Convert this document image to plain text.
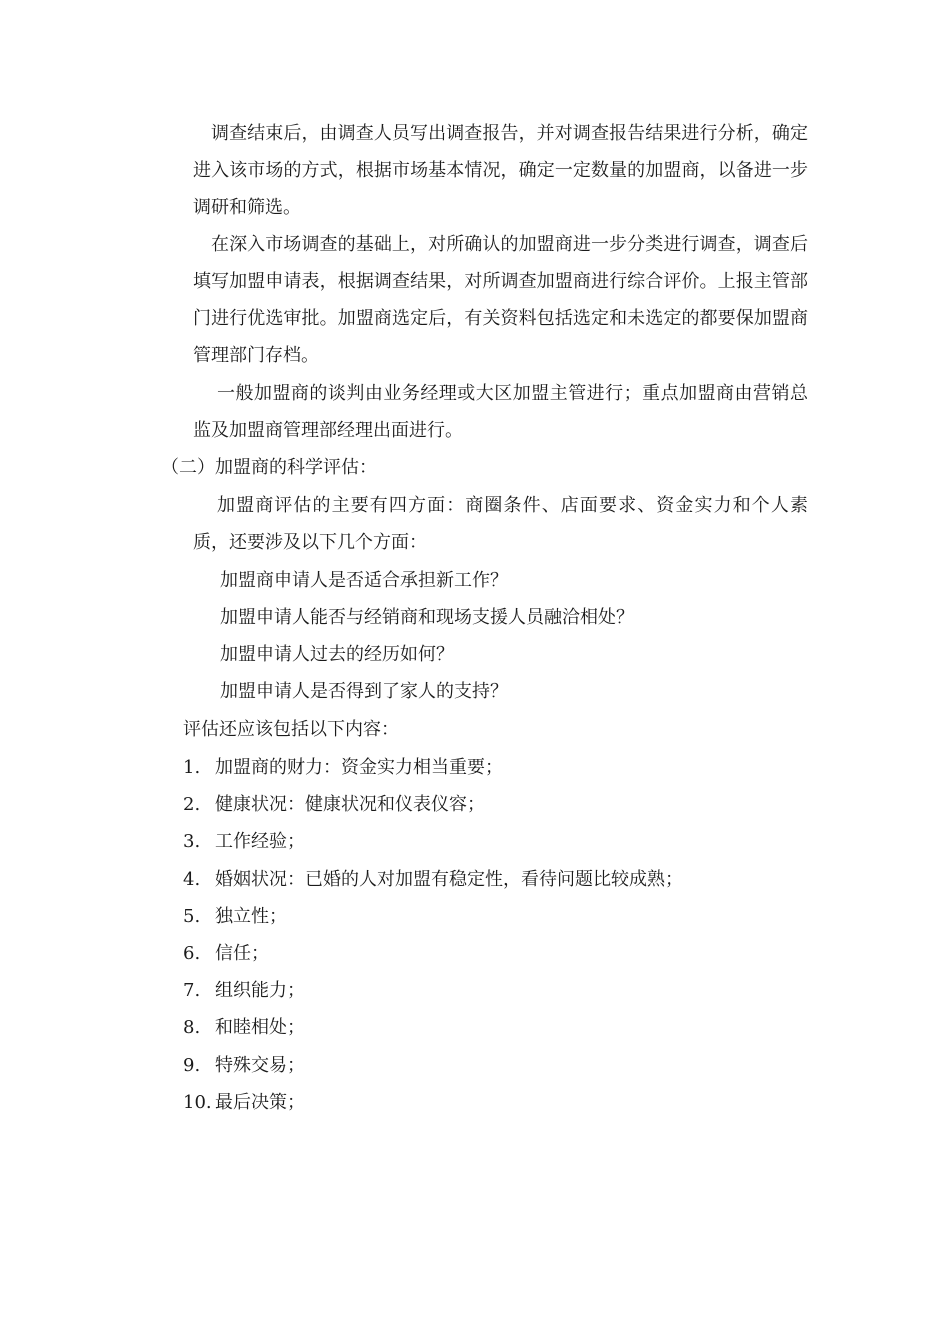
调查结束后，由调查人员写出调查报告，并对调查报告结果进行分析，确定进入该市场的方式，根据市场基本情况，确定一定数量的加盟商，以备进一步调研和筛选。
在深入市场调查的基础上，对所确认的加盟商进一步分类进行调查，调查后填写加盟申请表，根据调查结果，对所调查加盟商进行综合评价。上报主管部门进行优选审批。加盟商选定后，有关资料包括选定和未选定的都要保加盟商管理部门存档。
一般加盟商的谈判由业务经理或大区加盟主管进行；重点加盟商由营销总监及加盟商管理部经理出面进行。
（二）加盟商的科学评估：
加盟商评估的主要有四方面：商圈条件、店面要求、资金实力和个人素质，还要涉及以下几个方面：
加盟商申请人是否适合承担新工作？
加盟申请人能否与经销商和现场支援人员融洽相处？
加盟申请人过去的经历如何？
加盟申请人是否得到了家人的支持？
评估还应该包括以下内容：
1. 加盟商的财力：资金实力相当重要；
2. 健康状况：健康状况和仪表仪容；
3. 工作经验；
4. 婚姻状况：已婚的人对加盟有稳定性，看待问题比较成熟；
5. 独立性；
6. 信任；
7. 组织能力；
8. 和睦相处；
9. 特殊交易；
10. 最后决策；
